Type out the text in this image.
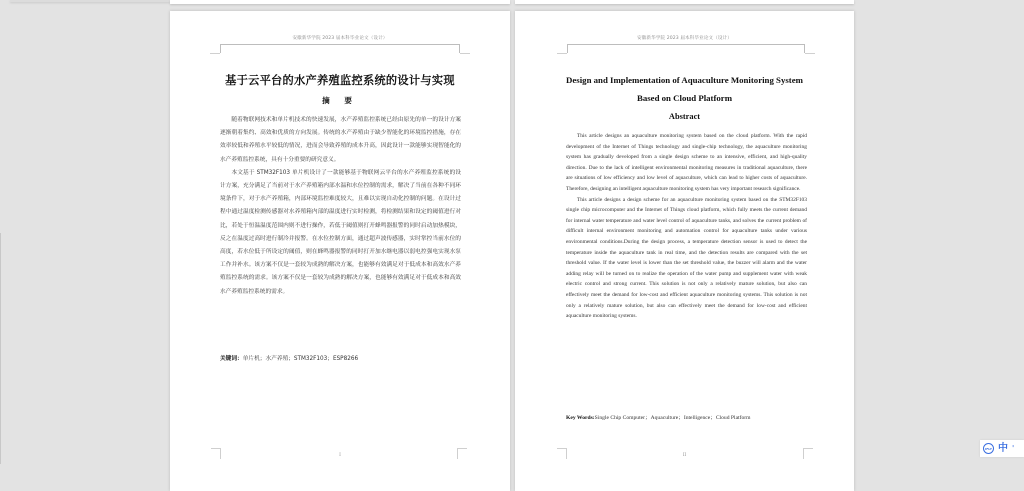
安徽新华学院 2023 届本科毕业论文（设计）
基于云平台的水产养殖监控系统的设计与实现
摘 要

随着物联网技术和单片机技术的快速发展，水产养殖监控系统已经由原先的单一的设计方案逐渐朝着集约、高效和优质的方向发展。传统的水产养殖由于缺少智能化的环境监控措施，存在效率较低和养殖水平较低的情况，进而会导致养殖的成本升高，因此设计一款能够实现智能化的水产养殖监控系统，具有十分重要的研究意义。

本文基于 STM32F103 单片机设计了一款能够基于物联网云平台的水产养殖监控系统的设计方案，充分满足了当前对于水产养殖箱内部水温和水位控制的需求，解决了当前在各种不同环境条件下，对于水产养殖箱，内部环境监控难度较大，且难以实现自动化控制的问题。在设计过程中通过温度检测传感器对水养殖箱内部的温度进行实时检测，将检测结果和设定的阈值进行对比，若处于恒温温度范围内则不进行操作，若低于阈值则打开蜂鸣器报警的同时启动加热模块，反之在温度过高时进行制冷并报警。在水位控制方面，通过超声波传感器，实时掌控当前水位的高度，若水位低于所设定的阈值，则在蜂鸣器报警的同时打开加水继电器以弱电控强电实现水泵工作并补水。该方案不仅是一套较为成熟的解决方案，也能够有效满足对于低成本和高效水产养殖监控系统的需求。该方案不仅是一套较为成熟的解决方案，也能够有效满足对于低成本和高效水产养殖监控系统的需求。

关键词：单片机；水产养殖；STM32F103；ESP8266
I
安徽新华学院 2023 届本科毕业论文（设计）
Design and Implementation of Aquaculture Monitoring System
Based on Cloud Platform
Abstract

This article designs an aquaculture monitoring system based on the cloud platform. With the rapid development of the Internet of Things technology and single-chip technology, the aquaculture monitoring system has gradually developed from a single design scheme to an intensive, efficient, and high-quality direction. Due to the lack of intelligent environmental monitoring measures in traditional aquaculture, there are situations of low efficiency and low level of aquaculture, which can lead to higher costs of aquaculture. Therefore, designing an intelligent aquaculture monitoring system has very important research significance.

This article designs a design scheme for an aquaculture monitoring system based on the STM32F103 single chip microcomputer and the Internet of Things cloud platform, which fully meets the current demand for internal water temperature and water level control of aquaculture tanks, and solves the current problem of difficult internal environment monitoring and automation control for aquaculture tanks under various environmental conditions.During the design process, a temperature detection sensor is used to detect the temperature inside the aquaculture tank in real time, and the detection results are compared with the set threshold value. If the water level is lower than the set threshold value, the buzzer will alarm and the water adding relay will be turned on to realize the operation of the water pump and supplement water with weak electric control and strong current. This solution is not only a relatively mature solution, but also can effectively meet the demand for low-cost and efficient aquaculture monitoring systems. This solution is not only a relatively mature solution, but also can effectively meet the demand for low-cost and efficient aquaculture monitoring systems.

Key Words:Single Chip Computer；Aquaculture；Intelligence；Cloud Platform
II
IFLY 中 '
